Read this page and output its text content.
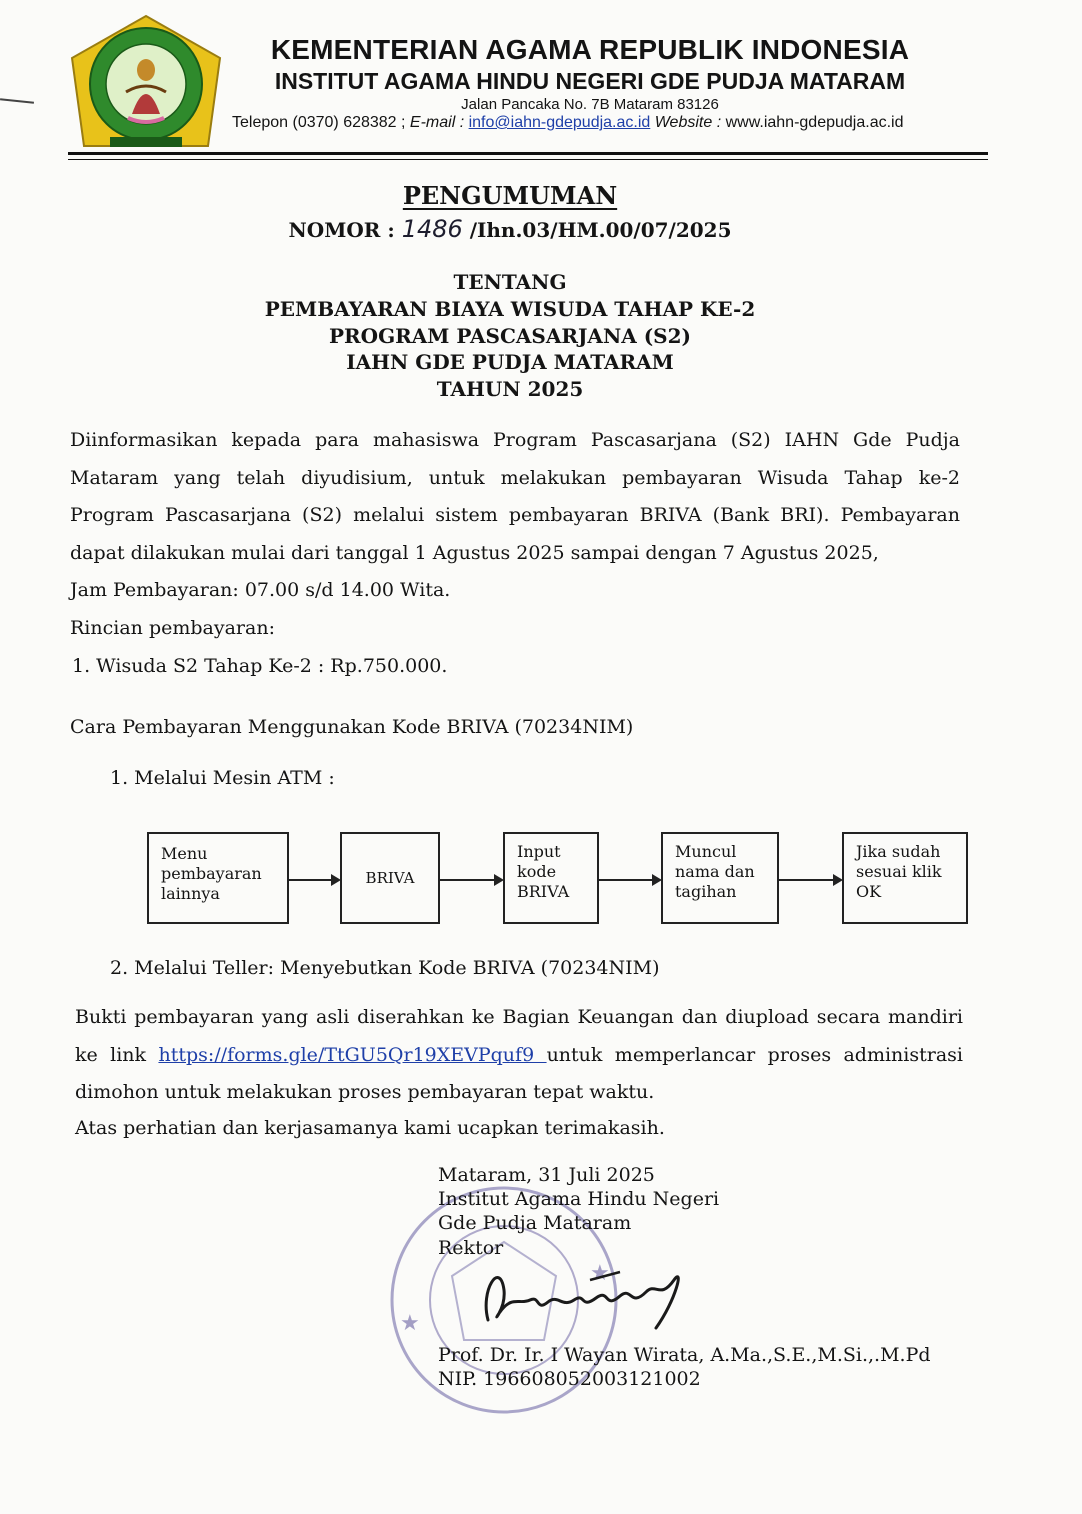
KEMENTERIAN AGAMA REPUBLIK INDONESIA
INSTITUT AGAMA HINDU NEGERI GDE PUDJA MATARAM
Jalan Pancaka No. 7B Mataram 83126
Telepon (0370) 628382 ; E-mail : info@iahn-gdepudja.ac.id Website : www.iahn-gdepudja.ac.id
PENGUMUMAN
NOMOR : 1486 /Ihn.03/HM.00/07/2025
TENTANG
PEMBAYARAN BIAYA WISUDA TAHAP KE-2
PROGRAM PASCASARJANA (S2)
IAHN GDE PUDJA MATARAM
TAHUN 2025
Diinformasikan kepada para mahasiswa Program Pascasarjana (S2) IAHN Gde Pudja Mataram yang telah diyudisium, untuk melakukan pembayaran Wisuda Tahap ke-2 Program Pascasarjana (S2) melalui sistem pembayaran BRIVA (Bank BRI). Pembayaran dapat dilakukan mulai dari tanggal 1 Agustus 2025 sampai dengan 7 Agustus 2025,
Jam Pembayaran: 07.00 s/d 14.00 Wita.
Rincian pembayaran:
1. Wisuda S2 Tahap Ke-2 : Rp.750.000.
Cara Pembayaran Menggunakan Kode BRIVA (70234NIM)
1. Melalui Mesin ATM :
Menu
pembayaran
lainnya
BRIVA
Input
kode
BRIVA
Muncul
nama dan
tagihan
Jika sudah
sesuai klik
OK
2. Melalui Teller: Menyebutkan Kode BRIVA (70234NIM)
Bukti pembayaran yang asli diserahkan ke Bagian Keuangan dan diupload secara mandiri ke link https://forms.gle/TtGU5Qr19XEVPquf9 untuk memperlancar proses administrasi dimohon untuk melakukan proses pembayaran tepat waktu.
Atas perhatian dan kerjasamanya kami ucapkan terimakasih.
★
★
Mataram, 31 Juli 2025
Institut Agama Hindu Negeri
Gde Pudja Mataram
Rektor
Prof. Dr. Ir. I Wayan Wirata, A.Ma.,S.E.,M.Si.,.M.Pd
NIP. 196608052003121002
